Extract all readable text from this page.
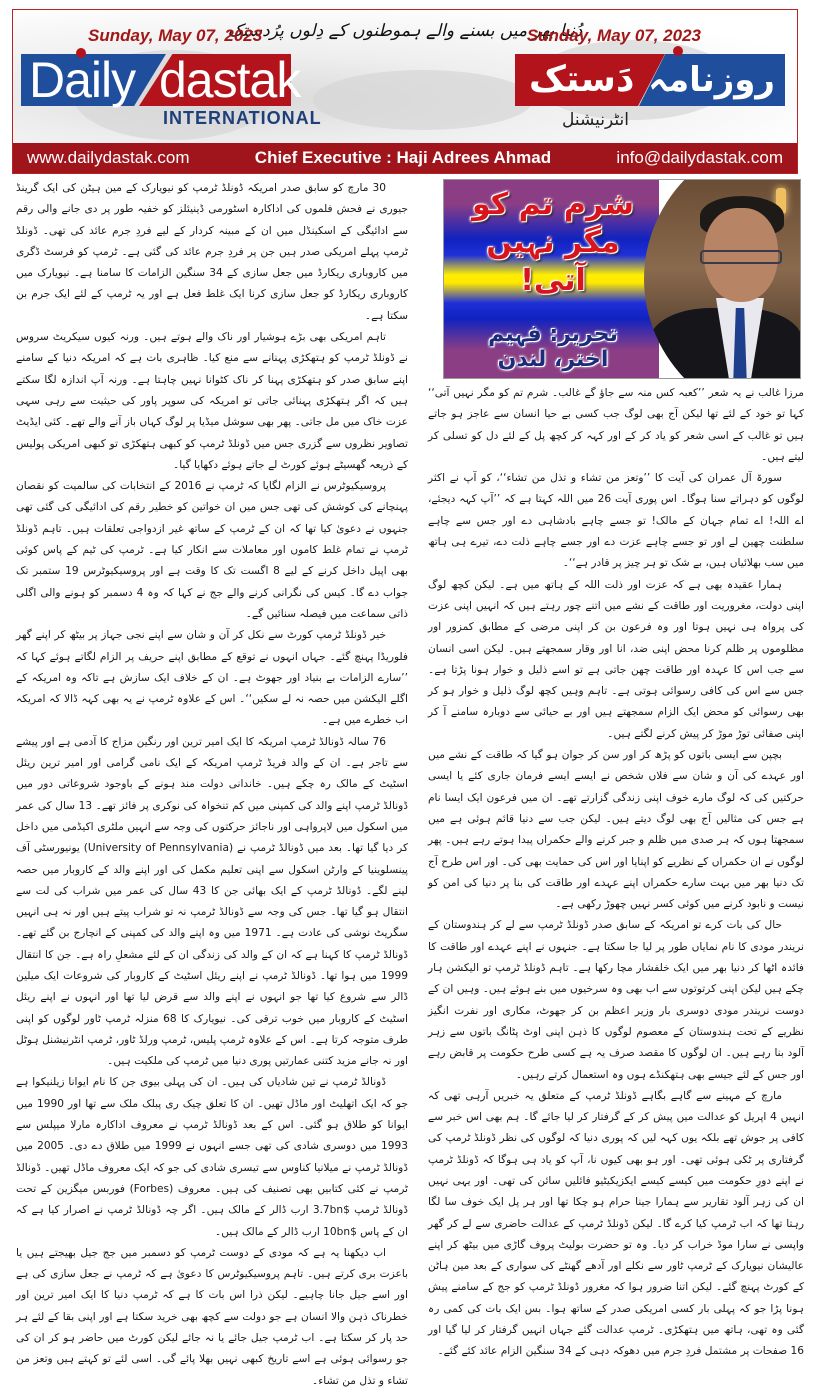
دُنیا بھر میں بسنے والے ہموطنوں کے دِلوں پرُدستک
Sunday, May 07, 2023	Sunday, May 07, 2023
Daily dastak
INTERNATIONAL
دَستک روزنامہ
انٹرنیشنل
www.dailydastak.com	Chief Executive : Haji Adrees Ahmad	info@dailydastak.com
شرم تم کو مگر نہیں آتی!
تحریر: فہیم اختر، لندن

30 مارچ کو سابق صدر امریکہ ڈونلڈ ٹرمپ کو نیویارک کے مین ہیٹن کی ایک گرینڈ جیوری نے فحش فلموں کی اداکارہ اسٹورمی ڈینیئلز کو خفیہ طور پر دی جانے والی رقم سے ادائیگی کے اسکینڈل میں ان کے مبینہ کردار کے لیے فردِ جرم عائد کی تھی۔ ڈونلڈ ٹرمپ پہلے امریکی صدر ہیں جن پر فردِ جرم عائد کی گئی ہے۔ ٹرمپ کو فرسٹ ڈگری میں کاروباری ریکارڈ میں جعل سازی کے 34 سنگین الزامات کا سامنا ہے۔ نیویارک میں کاروباری ریکارڈ کو جعل سازی کرنا ایک غلط فعل ہے اور یہ ٹرمپ کے لئے ایک جرم بن سکتا ہے۔

تاہم امریکی بھی بڑے ہوشیار اور ناک والے ہوتے ہیں۔ ورنہ کیوں سیکریٹ سروس نے ڈونلڈ ٹرمپ کو ہتھکڑی پہنانے سے منع کیا۔ ظاہری بات ہے کہ امریکہ دنیا کے سامنے اپنے سابق صدر کو ہتھکڑی پہنا کر ناک کٹوانا نہیں چاہتا ہے۔ ورنہ آپ اندازہ لگا سکتے ہیں کہ اگر ہتھکڑی پہنائی جاتی تو امریکہ کی سوپر پاور کی حیثیت سے رہی سہی عزت خاک میں مل جاتی۔ پھر بھی سوشل میڈیا پر لوگ کہاں باز آنے والے تھے۔ کئی ایڈیٹ تصاویر نظروں سے گزری جس میں ڈونلڈ ٹرمپ کو کبھی ہتھکڑی تو کبھی امریکی پولیس کے ذریعہ گھسیٹے ہوئے کورٹ لے جاتے ہوئے دکھایا گیا۔

پروسیکیوٹرس نے الزام لگایا کہ ٹرمپ نے 2016 کے انتخابات کی سالمیت کو نقصان پہنچانے کی کوشش کی تھی جس میں ان خواتین کو خطیر رقم کی ادائیگی کی گئی تھی جنہوں نے دعویٰ کیا تھا کہ ان کے ٹرمپ کے ساتھ غیر ازدواجی تعلقات ہیں۔ تاہم ڈونلڈ ٹرمپ نے تمام غلط کاموں اور معاملات سے انکار کیا ہے۔ ٹرمپ کی ٹیم کے پاس کوئی بھی اپیل داخل کرنے کے لیے 8 اگست تک کا وقت ہے اور پروسیکیوٹرس 19 ستمبر تک جواب دے گا۔ کیس کی نگرانی کرنے والے جج نے کہا کہ وہ 4 دسمبر کو ہونے والی اگلی ذاتی سماعت میں فیصلہ سنائیں گے۔

خیر ڈونلڈ ٹرمپ کورٹ سے نکل کر آن و شان سے اپنے نجی جہاز پر بیٹھ کر اپنے گھر فلوریڈا پہنچ گئے۔ جہاں انہوں نے توقع کے مطابق اپنے حریف پر الزام لگاتے ہوئے کہا کہ ’’سارے الزامات بے بنیاد اور جھوٹ ہے۔ ان کے خلاف ایک سازش ہے تاکہ وہ امریکہ کے اگلے الیکشن میں حصہ نہ لے سکیں‘‘۔ اس کے علاوہ ٹرمپ نے یہ بھی کہہ ڈالا کہ امریکہ اب خطرے میں ہے۔

76 سالہ ڈونالڈ ٹرمپ امریکہ کا ایک امیر ترین اور رنگین مزاج کا آدمی ہے اور پیشے سے تاجر ہے۔ ان کے والد فریڈ ٹرمپ امریکہ کے ایک نامی گرامی اور امیر ترین ریئل اسٹیٹ کے مالک رہ چکے ہیں۔ خاندانی دولت مند ہونے کے باوجود شروعاتی دور میں ڈونالڈ ٹرمپ اپنے والد کی کمپنی میں کم تنخواہ کی نوکری پر فائز تھے۔ 13 سال کی عمر میں اسکول میں لاپرواہی اور ناجائز حرکتوں کی وجہ سے انہیں ملٹری اکیڈمی میں داخل کر دیا گیا تھا۔ بعد میں ڈونالڈ ٹرمپ نے (University of Pennsylvania) یونیورسٹی آف پینسلوینیا کے وارٹن اسکول سے اپنی تعلیم مکمل کی اور اپنے والد کے کاروبار میں حصہ لینے لگے۔ ڈونالڈ ٹرمپ کے ایک بھائی جن کا 43 سال کی عمر میں شراب کی لت سے انتقال ہو گیا تھا۔ جس کی وجہ سے ڈونالڈ ٹرمپ نہ تو شراب پیتے ہیں اور نہ ہی انہیں سگریٹ نوشی کی عادت ہے۔ 1971 میں وہ اپنے والد کی کمپنی کے انچارج بن گئے تھے۔ ڈونالڈ ٹرمپ کا کہنا ہے کہ ان کے والد کی زندگی ان کے لئے مشعلِ راہ ہے۔ جن کا انتقال 1999 میں ہوا تھا۔ ڈونالڈ ٹرمپ نے اپنے ریئل اسٹیٹ کے کاروبار کی شروعات ایک میلین ڈالر سے شروع کیا تھا جو انہوں نے اپنے والد سے قرض لیا تھا اور انہوں نے اپنے ریئل اسٹیٹ کے کاروبار میں خوب ترقی کی۔ نیویارک کا 68 منزلہ ٹرمپ ٹاور لوگوں کو اپنی طرف متوجہ کرتا ہے۔ اس کے علاوہ ٹرمپ پلیس، ٹرمپ ورلڈ ٹاور، ٹرمپ انٹرنیشنل ہوٹل اور نہ جانے مزید کتنی عمارتیں پوری دنیا میں ٹرمپ کی ملکیت ہیں۔

ڈونالڈ ٹرمپ نے تین شادیاں کی ہیں۔ ان کی پہلی بیوی جن کا نام ایوانا زیلنیکوا ہے جو کہ ایک اتھلیٹ اور ماڈل تھیں۔ ان کا تعلق چیک ری پبلک ملک سے تھا اور 1990 میں ایوانا کو طلاق ہو گئی۔ اس کے بعد ڈونالڈ ٹرمپ نے معروف اداکارہ مارلا میپلس سے 1993 میں دوسری شادی کی تھی جسے انہوں نے 1999 میں طلاق دے دی۔ 2005 میں ڈونالڈ ٹرمپ نے میلانیا کناوس سے تیسری شادی کی جو کہ ایک معروف ماڈل تھیں۔ ڈونالڈ ٹرمپ نے کئی کتابیں بھی تصنیف کی ہیں۔ معروف (Forbes) فوربس میگزین کے تحت ڈونالڈ ٹرمپ $3.7bn ارب ڈالر کے مالک ہیں۔ اگر چہ ڈونالڈ ٹرمپ نے اصرار کیا ہے کہ ان کے پاس $10bn ارب ڈالر کے مالک ہیں۔

اب دیکھنا یہ ہے کہ مودی کے دوست ٹرمپ کو دسمبر میں جج جیل بھیجتے ہیں یا باعزت بری کرتے ہیں۔ تاہم پروسیکیوٹرس کا دعویٰ ہے کہ ٹرمپ نے جعل سازی کی ہے اور اسے جیل جانا چاہیے۔ لیکن ذرا اس بات کا ہے کہ ٹرمپ دنیا کا ایک امیر ترین اور خطرناک ذہن والا انسان ہے جو دولت سے کچھ بھی خرید سکتا ہے اور اپنی بقا کے لئے ہر حد پار کر سکتا ہے۔ اب ٹرمپ جیل جائے یا نہ جائے لیکن کورٹ میں حاضر ہو کر ان کی جو رسوائی ہوئی ہے اسے تاریخ کبھی نہیں بھلا پائے گی۔ اسی لئے تو کہتے ہیں وتعز من تشاء و تذل من تشاء۔

مرزا غالب نے یہ شعر ’’کعبہ کس منہ سے جاؤ گے غالب۔ شرم تم کو مگر نہیں آتی‘‘ کہا تو خود کے لئے تھا لیکن آج بھی لوگ جب کسی بے حیا انسان سے عاجز ہو جاتے ہیں تو غالب کے اسی شعر کو یاد کر کے اور کہہ کر کچھ پل کے لئے دل کو تسلی کر لیتے ہیں۔

سورۃ آل عمران کی آیت کا ’’وتعز من تشاء و تذل من تشاء‘‘، کو آپ نے اکثر لوگوں کو دہراتے سنا ہوگا۔ اس پوری آیت 26 میں اللہ کہتا ہے کہ ’’آپ کہہ دیجئے، اے اللہ! اے تمام جہان کے مالک! تو جسے چاہے بادشاہی دے اور جس سے چاہے سلطنت چھین لے اور تو جسے چاہے عزت دے اور جسے چاہے ذلت دے، تیرے ہی ہاتھ میں سب بھلائیاں ہیں، بے شک تو ہر چیز پر قادر ہے‘‘۔

ہمارا عقیدہ بھی ہے کہ عزت اور ذلت اللہ کے ہاتھ میں ہے۔ لیکن کچھ لوگ اپنی دولت، مغروریت اور طاقت کے نشے میں اتنے چور رہتے ہیں کہ انہیں اپنی عزت کی پرواہ ہی نہیں ہوتا اور وہ فرعون بن کر اپنی مرضی کے مطابق کمزور اور مظلوموں پر ظلم کرنا محض اپنی ضد، انا اور وقار سمجھتے ہیں۔ لیکن اسی انسان سے جب اس کا عہدہ اور طاقت چھن جاتی ہے تو اسے ذلیل و خوار ہونا پڑتا ہے۔ جس سے اس کی کافی رسوائی ہوتی ہے۔ تاہم وہیں کچھ لوگ ذلیل و خوار ہو کر بھی رسوائی کو محض ایک الزام سمجھتے ہیں اور بے حیائی سے دوبارہ سامنے آ کر اپنی صفائی توڑ موڑ کر پیش کرنے لگتے ہیں۔

بچپن سے ایسی باتوں کو پڑھ کر اور سن کر جوان ہو گیا کہ طاقت کے نشے میں اور عہدے کی آن و شان سے فلاں شخص نے ایسے ایسے فرمان جاری کئے یا ایسی حرکتیں کی کہ لوگ مارے خوف اپنی زندگی گزارتے تھے۔ ان میں فرعون ایک ایسا نام ہے جس کی مثالیں آج بھی لوگ دیتے ہیں۔ لیکن جب سے دنیا قائم ہوئی ہے میں سمجھتا ہوں کہ ہر صدی میں ظلم و جبر کرنے والے حکمراں پیدا ہوتے رہے ہیں۔ پھر لوگوں نے ان حکمراں کے نظریے کو اپنایا اور اس کی حمایت بھی کی۔ اور اس طرح آج تک دنیا بھر میں بہت سارے حکمراں اپنے عہدے اور طاقت کی بنا پر دنیا کی امن کو نیست و نابود کرنے میں کوئی کسر نہیں چھوڑ رکھی ہے۔

حال کی بات کرے تو امریکہ کے سابق صدر ڈونلڈ ٹرمپ سے لے کر ہندوستان کے نریندر مودی کا نام نمایاں طور پر لیا جا سکتا ہے۔ جنہوں نے اپنے عہدے اور طاقت کا فائدہ اٹھا کر دنیا بھر میں ایک خلفشار مچا رکھا ہے۔ تاہم ڈونلڈ ٹرمپ تو الیکشن ہار چکے ہیں لیکن اپنی کرتوتوں سے اب بھی وہ سرخیوں میں بنے ہوئے ہیں۔ وہیں ان کے دوست نریندر مودی دوسری بار وزیر اعظم بن کر جھوٹ، مکاری اور نفرت انگیز نظریے کے تحت ہندوستان کے معصوم لوگوں کا ذہن اپنی اوٹ پٹانگ باتوں سے زہر آلود بنا رہے ہیں۔ ان لوگوں کا مقصد صرف یہ ہے کسی طرح حکومت پر قابض رہے اور جس کے لئے جیسے بھی ہتھکنڈے ہوں وہ استعمال کرتے رہیں۔

مارچ کے مہینے سے گاہے بگاہے ڈونلڈ ٹرمپ کے متعلق یہ خبریں آرہی تھی کہ انہیں 4 اپریل کو عدالت میں پیش کر کے گرفتار کر لیا جائے گا۔ ہم بھی اس خبر سے کافی پر جوش تھے بلکہ یوں کہہ لیں کہ پوری دنیا کہ لوگوں کی نظر ڈونلڈ ٹرمپ کی گرفتاری پر ٹکی ہوئی تھی۔ اور ہو بھی کیوں نا، آپ کو یاد ہی ہوگا کہ ڈونلڈ ٹرمپ نے اپنے دورِ حکومت میں کیسے کیسے ایکزیکیٹیو فائلیں سائن کی تھی۔ اور یہی نہیں ان کی زہر آلود تقاریر سے ہمارا جینا حرام ہو چکا تھا اور ہر پل ایک خوف سا لگا رہتا تھا کہ اب ٹرمپ کیا کرے گا۔ لیکن ڈونلڈ ٹرمپ کے عدالت حاضری سے لے کر گھر واپسی نے سارا موڈ خراب کر دیا۔ وہ تو حضرت بولیٹ پروف گاڑی میں بیٹھ کر اپنے عالیشان نیویارک کے ٹرمپ ٹاور سے نکلے اور آدھے گھنٹے کی سواری کے بعد مین ہاٹن کے کورٹ پہنچ گئے۔ لیکن اتنا ضرور ہوا کہ مغرور ڈونلڈ ٹرمپ کو جج کے سامنے پیش ہونا پڑا جو کہ پہلی بار کسی امریکی صدر کے ساتھ ہوا۔ بس ایک بات کی کمی رہ گئی وہ تھی، ہاتھ میں ہتھکڑی۔ ٹرمپ عدالت گئے جہاں انہیں گرفتار کر لیا گیا اور 16 صفحات پر مشتمل فردِ جرم میں دھوکہ دہی کے 34 سنگین الزام عائد کئے گئے۔
